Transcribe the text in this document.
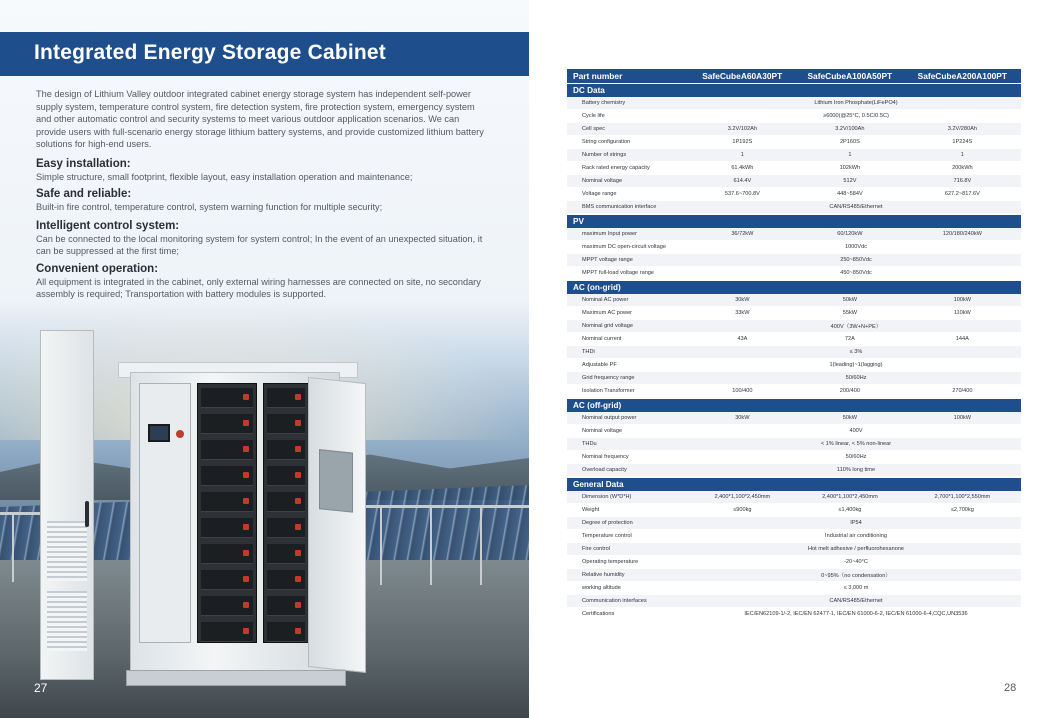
Integrated Energy Storage Cabinet

The design of Lithium Valley outdoor integrated cabinet energy storage system has independent self-power supply system, temperature control system, fire detection system, fire protection system, emergency system and other automatic control and security systems to meet various outdoor application scenarios. We can provide users with full-scenario energy storage lithium battery systems, and provide customized lithium battery solutions for high-end users.

Easy installation:

Simple structure, small footprint, flexible layout, easy installation operation and maintenance;

Safe and reliable:

Built-in fire control, temperature control, system warning function for multiple security;

Intelligent control system:

Can be connected to the local monitoring system for system control; In the event of an unexpected situation, it can be suppressed at the first time;

Convenient operation:

All equipment is integrated in the cabinet, only external wiring harnesses are connected on site, no secondary assembly is required; Transportation with battery modules is supported.

27
Part number	SafeCubeA60A30PT	SafeCubeA100A50PT	SafeCubeA200A100PT
DC Data
Battery chemistry	Lithium Iron Phosphate(LiFePO4)
Cycle life	≥6000(@25°C, 0.5C/0.5C)
Cell spec	3.2V/102Ah	3.2V/100Ah	3.2V/280Ah
String configuration	1P192S	2P160S	1P224S
Number of strings	1	1	1
Rack rated energy capacity	61.4kWh	102kWh	200kWh
Nominal voltage	614.4V	512V	716.8V
Voltage range	537.6~700.8V	448~584V	627.2~817.6V
BMS communication interface	CAN/RS485/Ethernet
PV
maximum Input power	36/72kW	60/120kW	120/180/240kW
maximum DC open-circuit voltage	1000Vdc
MPPT voltage range	250~850Vdc
MPPT full-load voltage range	450~850Vdc
AC (on-grid)
Nominal AC power	30kW	50kW	100kW
Maximum AC power	33kW	55kW	110kW
Nominal grid voltage	400V（3W+N+PE）
Nominal current	43A	72A	144A
THDi	≤ 3%
Adjustable PF	1(leading)~1(lagging)
Grid frequency range	50/60Hz
Isolation Transformer	100/400	200/400	270/400
AC (off-grid)
Nominal output power	30kW	50kW	100kW
Nominal voltage	400V
THDu	< 1% linear, < 5% non-linear
Nominal frequency	50/60Hz
Overload capacity	110% long time
General Data
Dimension (W*D*H)	2,400*1,100*2,450mm	2,400*1,100*2,450mm	2,700*1,100*2,550mm
Weight	≤900kg	≤1,400kg	≤2,700kg
Degree of protection	IP54
Temperature control	Industrial air conditioning
Fire control	Hot melt adhesive / perfluorohexanone
Operating temperature	-20~40°C
Relative humidity	0~95%（no condensation）
working altitude	≤ 3,000 m
Communication interfaces	CAN/RS485/Ethernet
Certifications	IEC/EN62109-1/-2, IEC/EN 62477-1, IEC/EN 61000-6-2, IEC/EN 61000-6-4,CQC,UN3536
28
